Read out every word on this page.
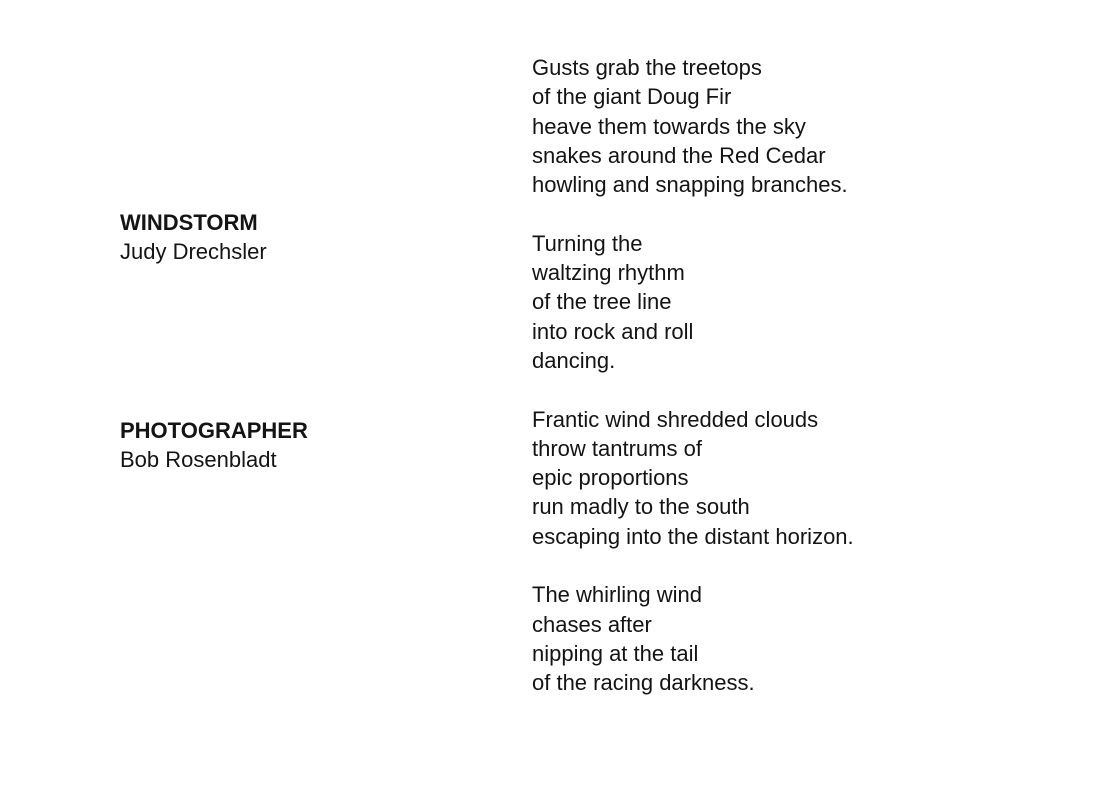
WINDSTORM
Judy Drechsler
PHOTOGRAPHER
Bob Rosenbladt
Gusts grab the treetops
of the giant Doug Fir
heave them towards the sky
snakes around the Red Cedar
howling and snapping branches.
Turning the
waltzing rhythm
of the tree line
into rock and roll
dancing.
Frantic wind shredded clouds
throw tantrums of
epic proportions
run madly to the south
escaping into the distant horizon.
The whirling wind
chases after
nipping at the tail
of the racing darkness.
